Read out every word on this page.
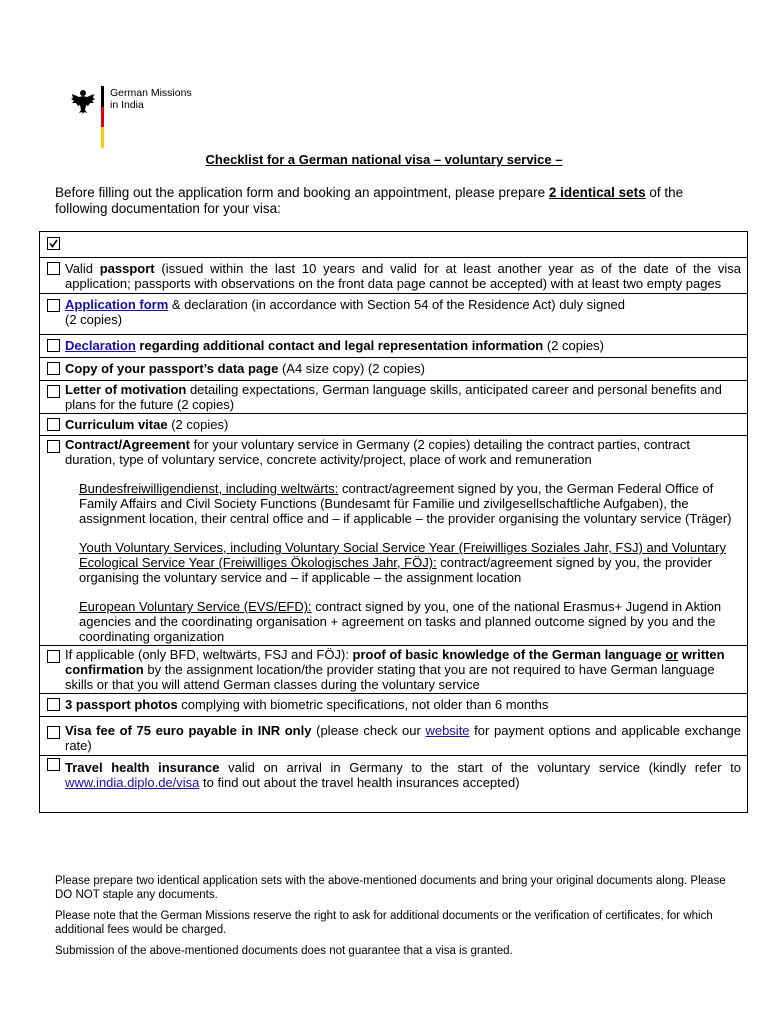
German Missions
in India
Checklist for a German national visa – voluntary service –
Before filling out the application form and booking an appointment, please prepare 2 identical sets of the following documentation for your visa:

Valid passport (issued within the last 10 years and valid for at least another year as of the date of the visa application; passports with observations on the front data page cannot be accepted) with at least two empty pages

Application form & declaration (in accordance with Section 54 of the Residence Act) duly signed
(2 copies)

Declaration regarding additional contact and legal representation information (2 copies)

Copy of your passport’s data page (A4 size copy) (2 copies)

Letter of motivation detailing expectations, German language skills, anticipated career and personal benefits and plans for the future (2 copies)

Curriculum vitae (2 copies)

Contract/Agreement for your voluntary service in Germany (2 copies) detailing the contract parties, contract duration, type of voluntary service, concrete activity/project, place of work and remuneration
Bundesfreiwilligendienst, including weltwärts: contract/agreement signed by you, the German Federal Office of Family Affairs and Civil Society Functions (Bundesamt für Familie und zivilgesellschaftliche Aufgaben), the assignment location, their central office and – if applicable – the provider organising the voluntary service (Träger)
Youth Voluntary Services, including Voluntary Social Service Year (Freiwilliges Soziales Jahr, FSJ) and Voluntary Ecological Service Year (Freiwilliges Ökologisches Jahr, FÖJ): contract/agreement signed by you, the provider organising the voluntary service and – if applicable – the assignment location
European Voluntary Service (EVS/EFD): contract signed by you, one of the national Erasmus+ Jugend in Aktion agencies and the coordinating organisation + agreement on tasks and planned outcome signed by you and the coordinating organization

If applicable (only BFD, weltwärts, FSJ and FÖJ): proof of basic knowledge of the German language or written confirmation by the assignment location/the provider stating that you are not required to have German language skills or that you will attend German classes during the voluntary service

3 passport photos complying with biometric specifications, not older than 6 months

Visa fee of 75 euro payable in INR only (please check our website for payment options and applicable exchange rate)

Travel health insurance valid on arrival in Germany to the start of the voluntary service (kindly refer to www.india.diplo.de/visa to find out about the travel health insurances accepted)

Please prepare two identical application sets with the above-mentioned documents and bring your original documents along. Please DO NOT staple any documents.

Please note that the German Missions reserve the right to ask for additional documents or the verification of certificates, for which additional fees would be charged.

Submission of the above-mentioned documents does not guarantee that a visa is granted.
